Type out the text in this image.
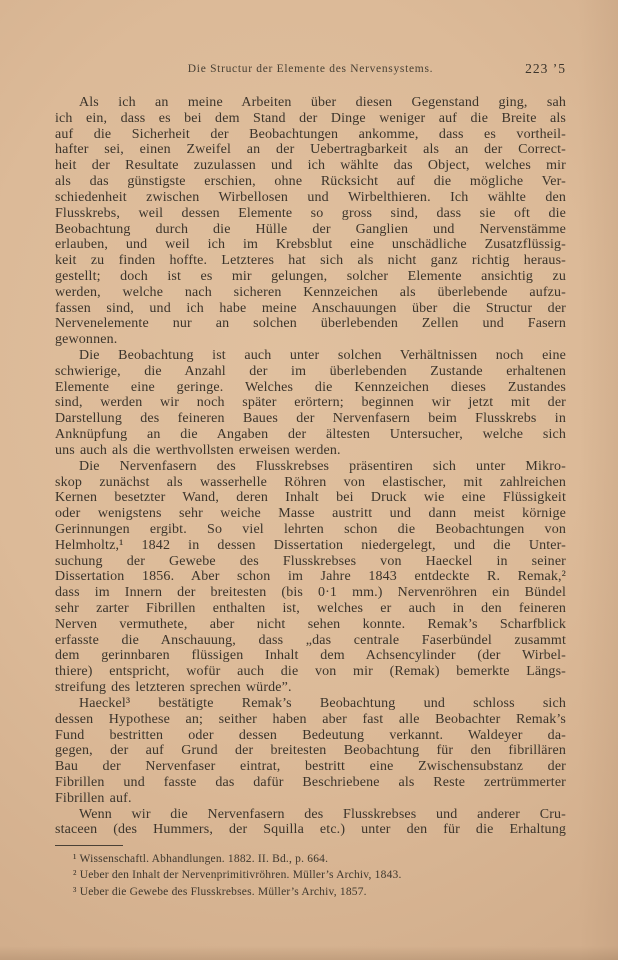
Die Structur der Elemente des Nervensystems.	223 ’5
Als ich an meine Arbeiten über diesen Gegenstand ging, sah
ich ein, dass es bei dem Stand der Dinge weniger auf die Breite als
auf die Sicherheit der Beobachtungen ankomme, dass es vortheil-
hafter sei, einen Zweifel an der Uebertragbarkeit als an der Correct-
heit der Resultate zuzulassen und ich wählte das Object, welches mir
als das günstigste erschien, ohne Rücksicht auf die mögliche Ver-
schiedenheit zwischen Wirbellosen und Wirbelthieren. Ich wählte den
Flusskrebs, weil dessen Elemente so gross sind, dass sie oft die
Beobachtung durch die Hülle der Ganglien und Nervenstämme
erlauben, und weil ich im Krebsblut eine unschädliche Zusatzflüssig-
keit zu finden hoffte. Letzteres hat sich als nicht ganz richtig heraus-
gestellt; doch ist es mir gelungen, solcher Elemente ansichtig zu
werden, welche nach sicheren Kennzeichen als überlebende aufzu-
fassen sind, und ich habe meine Anschauungen über die Structur der
Nervenelemente nur an solchen überlebenden Zellen und Fasern
gewonnen.
Die Beobachtung ist auch unter solchen Verhältnissen noch eine
schwierige, die Anzahl der im überlebenden Zustande erhaltenen
Elemente eine geringe. Welches die Kennzeichen dieses Zustandes
sind, werden wir noch später erörtern; beginnen wir jetzt mit der
Darstellung des feineren Baues der Nervenfasern beim Flusskrebs in
Anknüpfung an die Angaben der ältesten Untersucher, welche sich
uns auch als die werthvollsten erweisen werden.
Die Nervenfasern des Flusskrebses präsentiren sich unter Mikro-
skop zunächst als wasserhelle Röhren von elastischer, mit zahlreichen
Kernen besetzter Wand, deren Inhalt bei Druck wie eine Flüssigkeit
oder wenigstens sehr weiche Masse austritt und dann meist körnige
Gerinnungen ergibt. So viel lehrten schon die Beobachtungen von
Helmholtz,¹ 1842 in dessen Dissertation niedergelegt, und die Unter-
suchung der Gewebe des Flusskrebses von Haeckel in seiner
Dissertation 1856. Aber schon im Jahre 1843 entdeckte R. Remak,²
dass im Innern der breitesten (bis 0·1 mm.) Nervenröhren ein Bündel
sehr zarter Fibrillen enthalten ist, welches er auch in den feineren
Nerven vermuthete, aber nicht sehen konnte. Remak’s Scharfblick
erfasste die Anschauung, dass „das centrale Faserbündel zusammt
dem gerinnbaren flüssigen Inhalt dem Achsencylinder (der Wirbel-
thiere) entspricht, wofür auch die von mir (Remak) bemerkte Längs-
streifung des letzteren sprechen würde”.
Haeckel³ bestätigte Remak’s Beobachtung und schloss sich
dessen Hypothese an; seither haben aber fast alle Beobachter Remak’s
Fund bestritten oder dessen Bedeutung verkannt. Waldeyer da-
gegen, der auf Grund der breitesten Beobachtung für den fibrillären
Bau der Nervenfaser eintrat, bestritt eine Zwischensubstanz der
Fibrillen und fasste das dafür Beschriebene als Reste zertrümmerter
Fibrillen auf.
Wenn wir die Nervenfasern des Flusskrebses und anderer Cru-
staceen (des Hummers, der Squilla etc.) unter den für die Erhaltung
¹ Wissenschaftl. Abhandlungen. 1882. II. Bd., p. 664.
² Ueber den Inhalt der Nervenprimitivröhren. Müller’s Archiv, 1843.
³ Ueber die Gewebe des Flusskrebses. Müller’s Archiv, 1857.
